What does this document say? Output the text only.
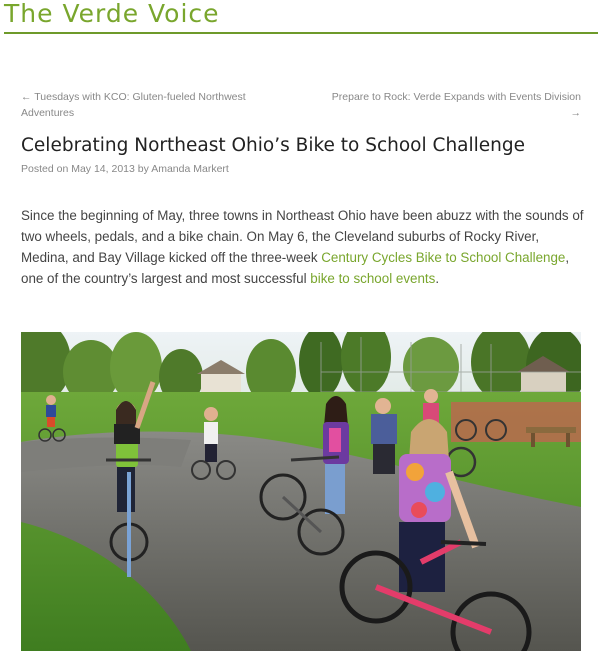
The Verde Voice
← Tuesdays with KCO: Gluten-fueled Northwest Adventures
Prepare to Rock: Verde Expands with Events Division →
Celebrating Northeast Ohio’s Bike to School Challenge
Posted on May 14, 2013 by Amanda Markert

Since the beginning of May, three towns in Northeast Ohio have been abuzz with the sounds of two wheels, pedals, and a bike chain. On May 6, the Cleveland suburbs of Rocky River, Medina, and Bay Village kicked off the three-week Century Cycles Bike to School Challenge, one of the country’s largest and most successful bike to school events.
